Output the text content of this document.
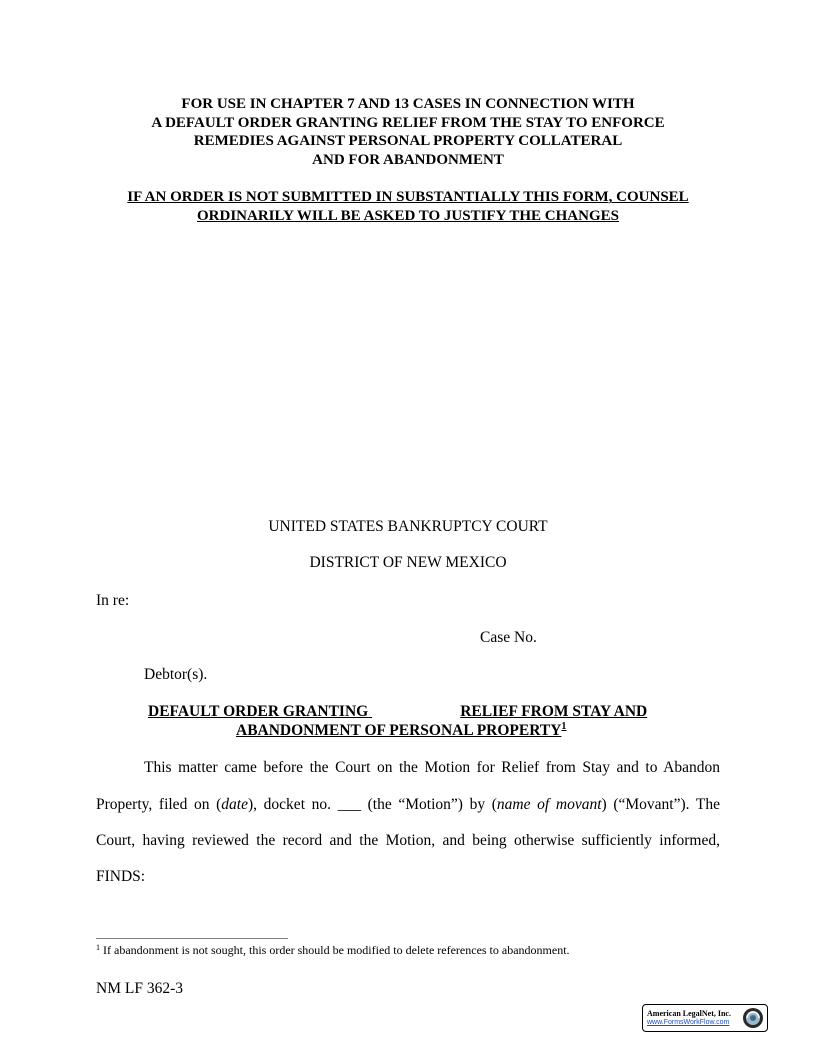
FOR USE IN CHAPTER 7 AND 13 CASES IN CONNECTION WITH
A DEFAULT ORDER GRANTING RELIEF FROM THE STAY TO ENFORCE
REMEDIES AGAINST PERSONAL PROPERTY COLLATERAL
AND FOR ABANDONMENT
IF AN ORDER IS NOT SUBMITTED IN SUBSTANTIALLY THIS FORM, COUNSEL
ORDINARILY WILL BE ASKED TO JUSTIFY THE CHANGES
UNITED STATES BANKRUPTCY COURT
DISTRICT OF NEW MEXICO
In re:
Case No.
Debtor(s).
DEFAULT ORDER GRANTING	RELIEF FROM STAY AND
ABANDONMENT OF PERSONAL PROPERTY$^1$
This matter came before the Court on the Motion for Relief from Stay and to Abandon
Property, filed on (date), docket no. ___ (the “Motion”) by (name of movant) (“Movant”). The
Court, having reviewed the record and the Motion, and being otherwise sufficiently informed,
FINDS:
$^1$ If abandonment is not sought, this order should be modified to delete references to abandonment.
NM LF 362-3
American LegalNet, Inc.
www.FormsWorkFlow.com
